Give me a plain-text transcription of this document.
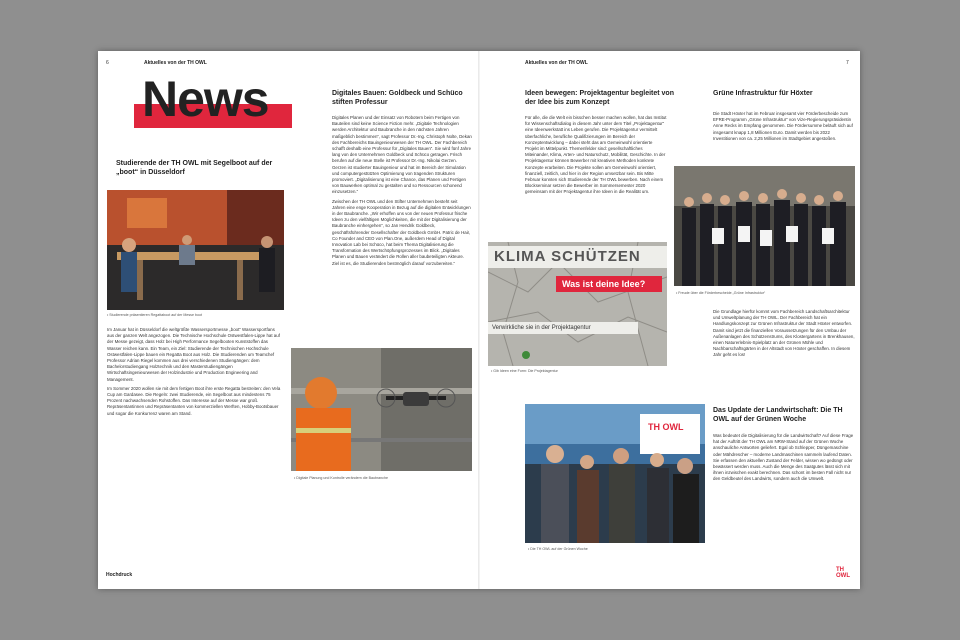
6	Aktuelles von der TH OWL
News
Studierende der TH OWL mit Segelboot auf der „boot“ in Düsseldorf
• Studierende präsentieren Regattaboot auf der Messe boot

Im Januar hat in Düsseldorf die weltgrößte Wassersportmesse „boot“ Wassersportfans aus der ganzen Welt angezogen. Die Technische Hochschule Ostwestfalen-Lippe hat auf der Messe gezeigt, dass Holz bei High Performance Segelbooten Kunststoffen das Wasser reichen kann. Ein Team, ein Ziel: Studierende der Technischen Hochschule Ostwestfalen-Lippe bauen ein Regatta Boot aus Holz. Die Studierenden um Teamchef Professor Adrian Riegel kommen aus drei verschiedenen Studiengängen: dem Bachelorstudiengang Holztechnik und den Masterstudiengängen Wirtschaftsingenieurwesen der Holzindustrie und Production Engineering and Management.

Im Sommer 2020 wollen sie mit dem fertigen Boot ihre erste Regatta bestreiten: den Vela Cup am Gardasee. Die Regeln: zwei Studierende, ein Segelboot aus mindestens 75 Prozent nachwachsenden Rohstoffen. Das Interesse auf der Messe war groß. Repräsentantinnen und Repräsentanten von kommerziellen Werften, Hobby-Bootsbauer und sogar die Konkurrenz waren am Stand.

Digitales Bauen: Goldbeck und Schüco stiften Professur

Digitales Planen und der Einsatz von Robotern beim Fertigen von Bauteilen sind keine Science Fiction mehr. „Digitale Technologien werden Architektur und Baubranche in den nächsten Jahren maßgeblich bestimmen“, sagt Professor Dr.-Ing. Christoph Nolte, Dekan des Fachbereichs Bauingenieurwesen der TH OWL. Der Fachbereich schafft deshalb eine Professur für „Digitales Bauen“. Sie wird fünf Jahre lang von den Unternehmen Goldbeck und Schüco getragen. Frisch berufen auf die neue Stelle ist Professor Dr.-Ing. Nikolai Gerzen. Gerzen ist studierter Bauingenieur und hat im Bereich der Simulation und computergestützten Optimierung von tragenden Strukturen promoviert. „Digitalisierung ist eine Chance, das Planen und Fertigen von Bauwerken optimal zu gestalten und so Ressourcen schonend einzusetzen.“

Zwischen der TH OWL und den Stifter Unternehmen besteht seit Jahren eine enge Kooperation in Bezug auf die digitalen Entwicklungen in der Baubranche. „Wir erhoffen uns von der neuen Professur frische Ideen zu den vielfältigen Möglichkeiten, die mit der Digitalisierung der Baubranche einhergehen“, so Jan Hendrik Goldbeck, geschäftsführender Gesellschafter der Goldbeck GmbH. Patric de Hair, Co Founder and CEO von Plan.One, außerdem Head of Digital Innovation Lab bei Schüco, hat beim Thema Digitalisierung die Transformation des Wertschöpfungsprozesses im Blick. „Digitales Planen und Bauen verändert die Rollen aller baubeteiligten Akteure. Ziel ist es, die Studierenden bestmöglich darauf vorzubereiten.“

• Digitale Planung und Kontrolle verändern die Baubranche
Hochdruck
Aktuelles von der TH OWL	7
Ideen bewegen: Projektagentur begleitet von der Idee bis zum Konzept

Für alle, die die Welt ein bisschen besser machen wollen, hat das Institut für Wissenschaftsdialog in diesem Jahr unter dem Titel „Projektagentur“ eine Ideenwerkstatt ins Leben gerufen. Die Projektagentur vermittelt überfachliche, berufliche Qualifizierungen im Bereich der Konzeptentwicklung – dabei steht das am Gemeinwohl orientierte Projekt im Mittelpunkt. Themenfelder sind: gesellschaftliches Miteinander, Klima, Arten- und Naturschutz, Mobilität, Geschichte. In der Projektagentur können Bewerber mit kreativen Methoden konkrete Konzepte erarbeiten. Die Projekte sollen am Gemeinwohl orientiert, finanziell, zeitlich, und hier in der Region umsetzbar sein. Bis Mitte Februar konnten sich Studierende der TH OWL bewerben. Nach einem Blockseminar setzen die Bewerber im Sommersemester 2020 gemeinsam mit der Projektagentur ihre Ideen in die Realität um.

KLIMA SCHÜTZEN
Was ist deine Idee?
Verwirkliche sie in der Projektagentur
• Gib Ideen eine Form: Die Projektagentur
Grüne Infrastruktur für Höxter

Die Stadt Höxter hat im Februar insgesamt vier Förderbescheide zum EFRE-Programm „Grüne Infrastruktur“ von Vize-Regierungspräsidentin Anne Recks im Empfang genommen. Die Fördersumme beläuft sich auf insgesamt knapp 1,8 Millionen Euro. Damit werden bis 2022 Investitionen von ca. 2,25 Millionen im Stadtgebiet angestoßen.

• Freude über die Förderbescheide „Grüne Infrastruktur“

Die Grundlage hierfür kommt vom Fachbereich Landschaftsarchitektur und Umweltplanung der TH OWL. Der Fachbereich hat ein Handlungskonzept zur Grünen Infrastruktur der Stadt Höxter entworfen. Damit sind jetzt die finanziellen Voraussetzungen für den Umbau der Außenanlagen des Schützenstrums, des Klostergartens in Brenkhausen, einen Naturerlebnis-Spielplatz an der Grünen Mühle und Nachbarschaftsgärten in der Altstadt von Höxter geschaffen. In diesem Jahr geht es los!

TH OWL
• Die TH OWL auf der Grünen Woche
Das Update der Landwirtschaft: Die TH OWL auf der Grünen Woche

Was bedeutet die Digitalisierung für die Landwirtschaft? Auf diese Frage hat der Auftritt der TH OWL am NRW-Stand auf der Grünen Woche anschauliche Antworten geliefert. Egal ob Schlepper, Düngemaschine oder Mähdrescher – moderne Landmaschinen sammeln laufend Daten. Sie erfassen den aktuellen Zustand der Felder, wissen wo gedüngt oder bewässert werden muss. Auch die Menge des Saatgutes lässt sich mit ihnen inzwischen exakt berechnen. Das schont im besten Fall nicht nur den Geldbeutel des Landwirts, sondern auch die Umwelt.

TH OWL
